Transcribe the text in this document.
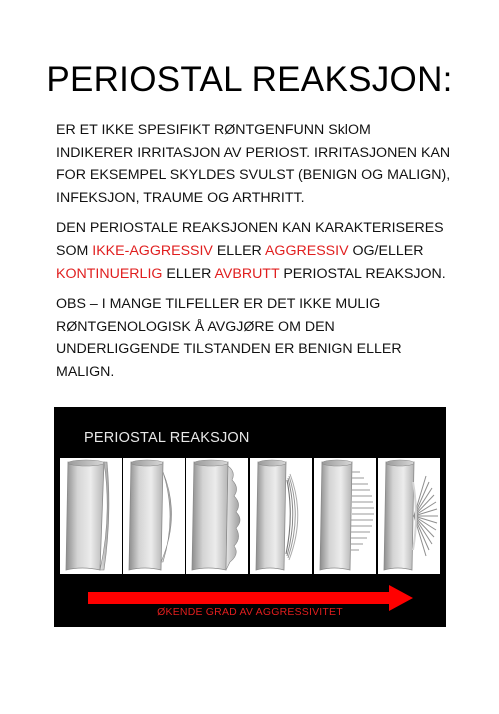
PERIOSTAL REAKSJON:

ER ET IKKE SPESIFIKT RØNTGENFUNN SklOM INDIKERER IRRITASJON AV PERIOST. IRRITASJONEN KAN FOR EKSEMPEL SKYLDES SVULST (BENIGN OG MALIGN), INFEKSJON, TRAUME OG ARTHRITT.

DEN PERIOSTALE REAKSJONEN KAN KARAKTERISERES SOM IKKE-AGGRESSIV ELLER AGGRESSIV OG/ELLER KONTINUERLIG ELLER AVBRUTT PERIOSTAL REAKSJON.

OBS – I MANGE TILFELLER ER DET IKKE MULIG RØNTGENOLOGISK Å AVGJØRE OM DEN UNDERLIGGENDE TILSTANDEN ER BENIGN ELLER MALIGN.

PERIOSTAL REAKSJON
ØKENDE GRAD AV AGGRESSIVITET
